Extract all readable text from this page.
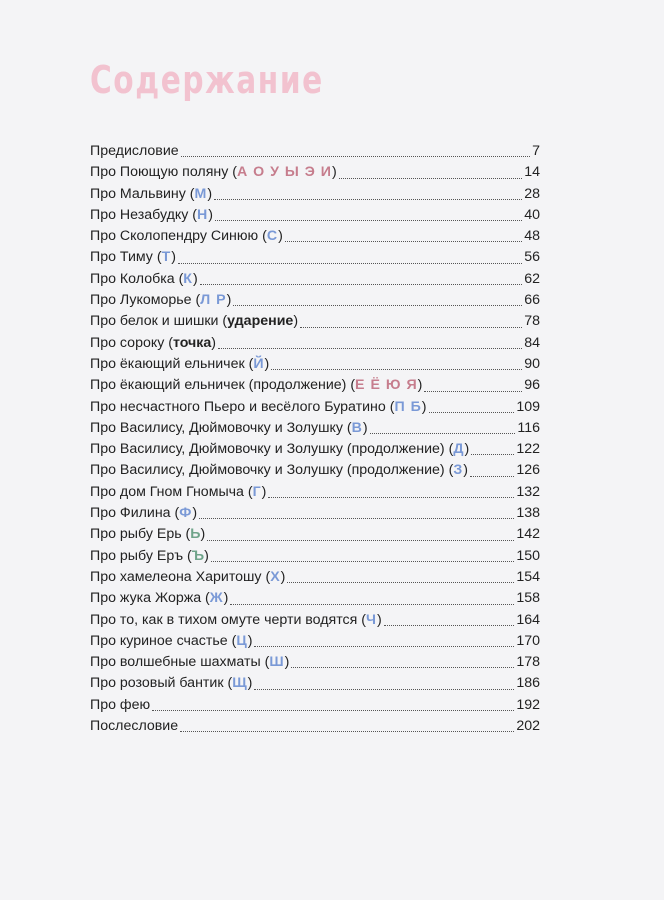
Содержание
Предисловие	7
Про Поющую поляну (А О У Ы Э И)	14
Про Мальвину (М)	28
Про Незабудку (Н)	40
Про Сколопендру Синюю (С)	48
Про Тиму (Т)	56
Про Колобка (К)	62
Про Лукоморье (Л Р)	66
Про белок и шишки (ударение)	78
Про сороку (точка)	84
Про ёкающий ельничек (Й)	90
Про ёкающий ельничек (продолжение) (Е Ё Ю Я)	96
Про несчастного Пьеро и весёлого Буратино (П Б)	109
Про Василису, Дюймовочку и Золушку (В)	116
Про Василису, Дюймовочку и Золушку (продолжение) (Д)	122
Про Василису, Дюймовочку и Золушку (продолжение) (З)	126
Про дом Гном Гномыча (Г)	132
Про Филина (Ф)	138
Про рыбу Ерь (Ь)	142
Про рыбу Еръ (Ъ)	150
Про хамелеона Харитошу (Х)	154
Про жука Жоржа (Ж)	158
Про то, как в тихом омуте черти водятся (Ч)	164
Про куриное счастье (Ц)	170
Про волшебные шахматы (Ш)	178
Про розовый бантик (Щ)	186
Про фею	192
Послесловие	202
